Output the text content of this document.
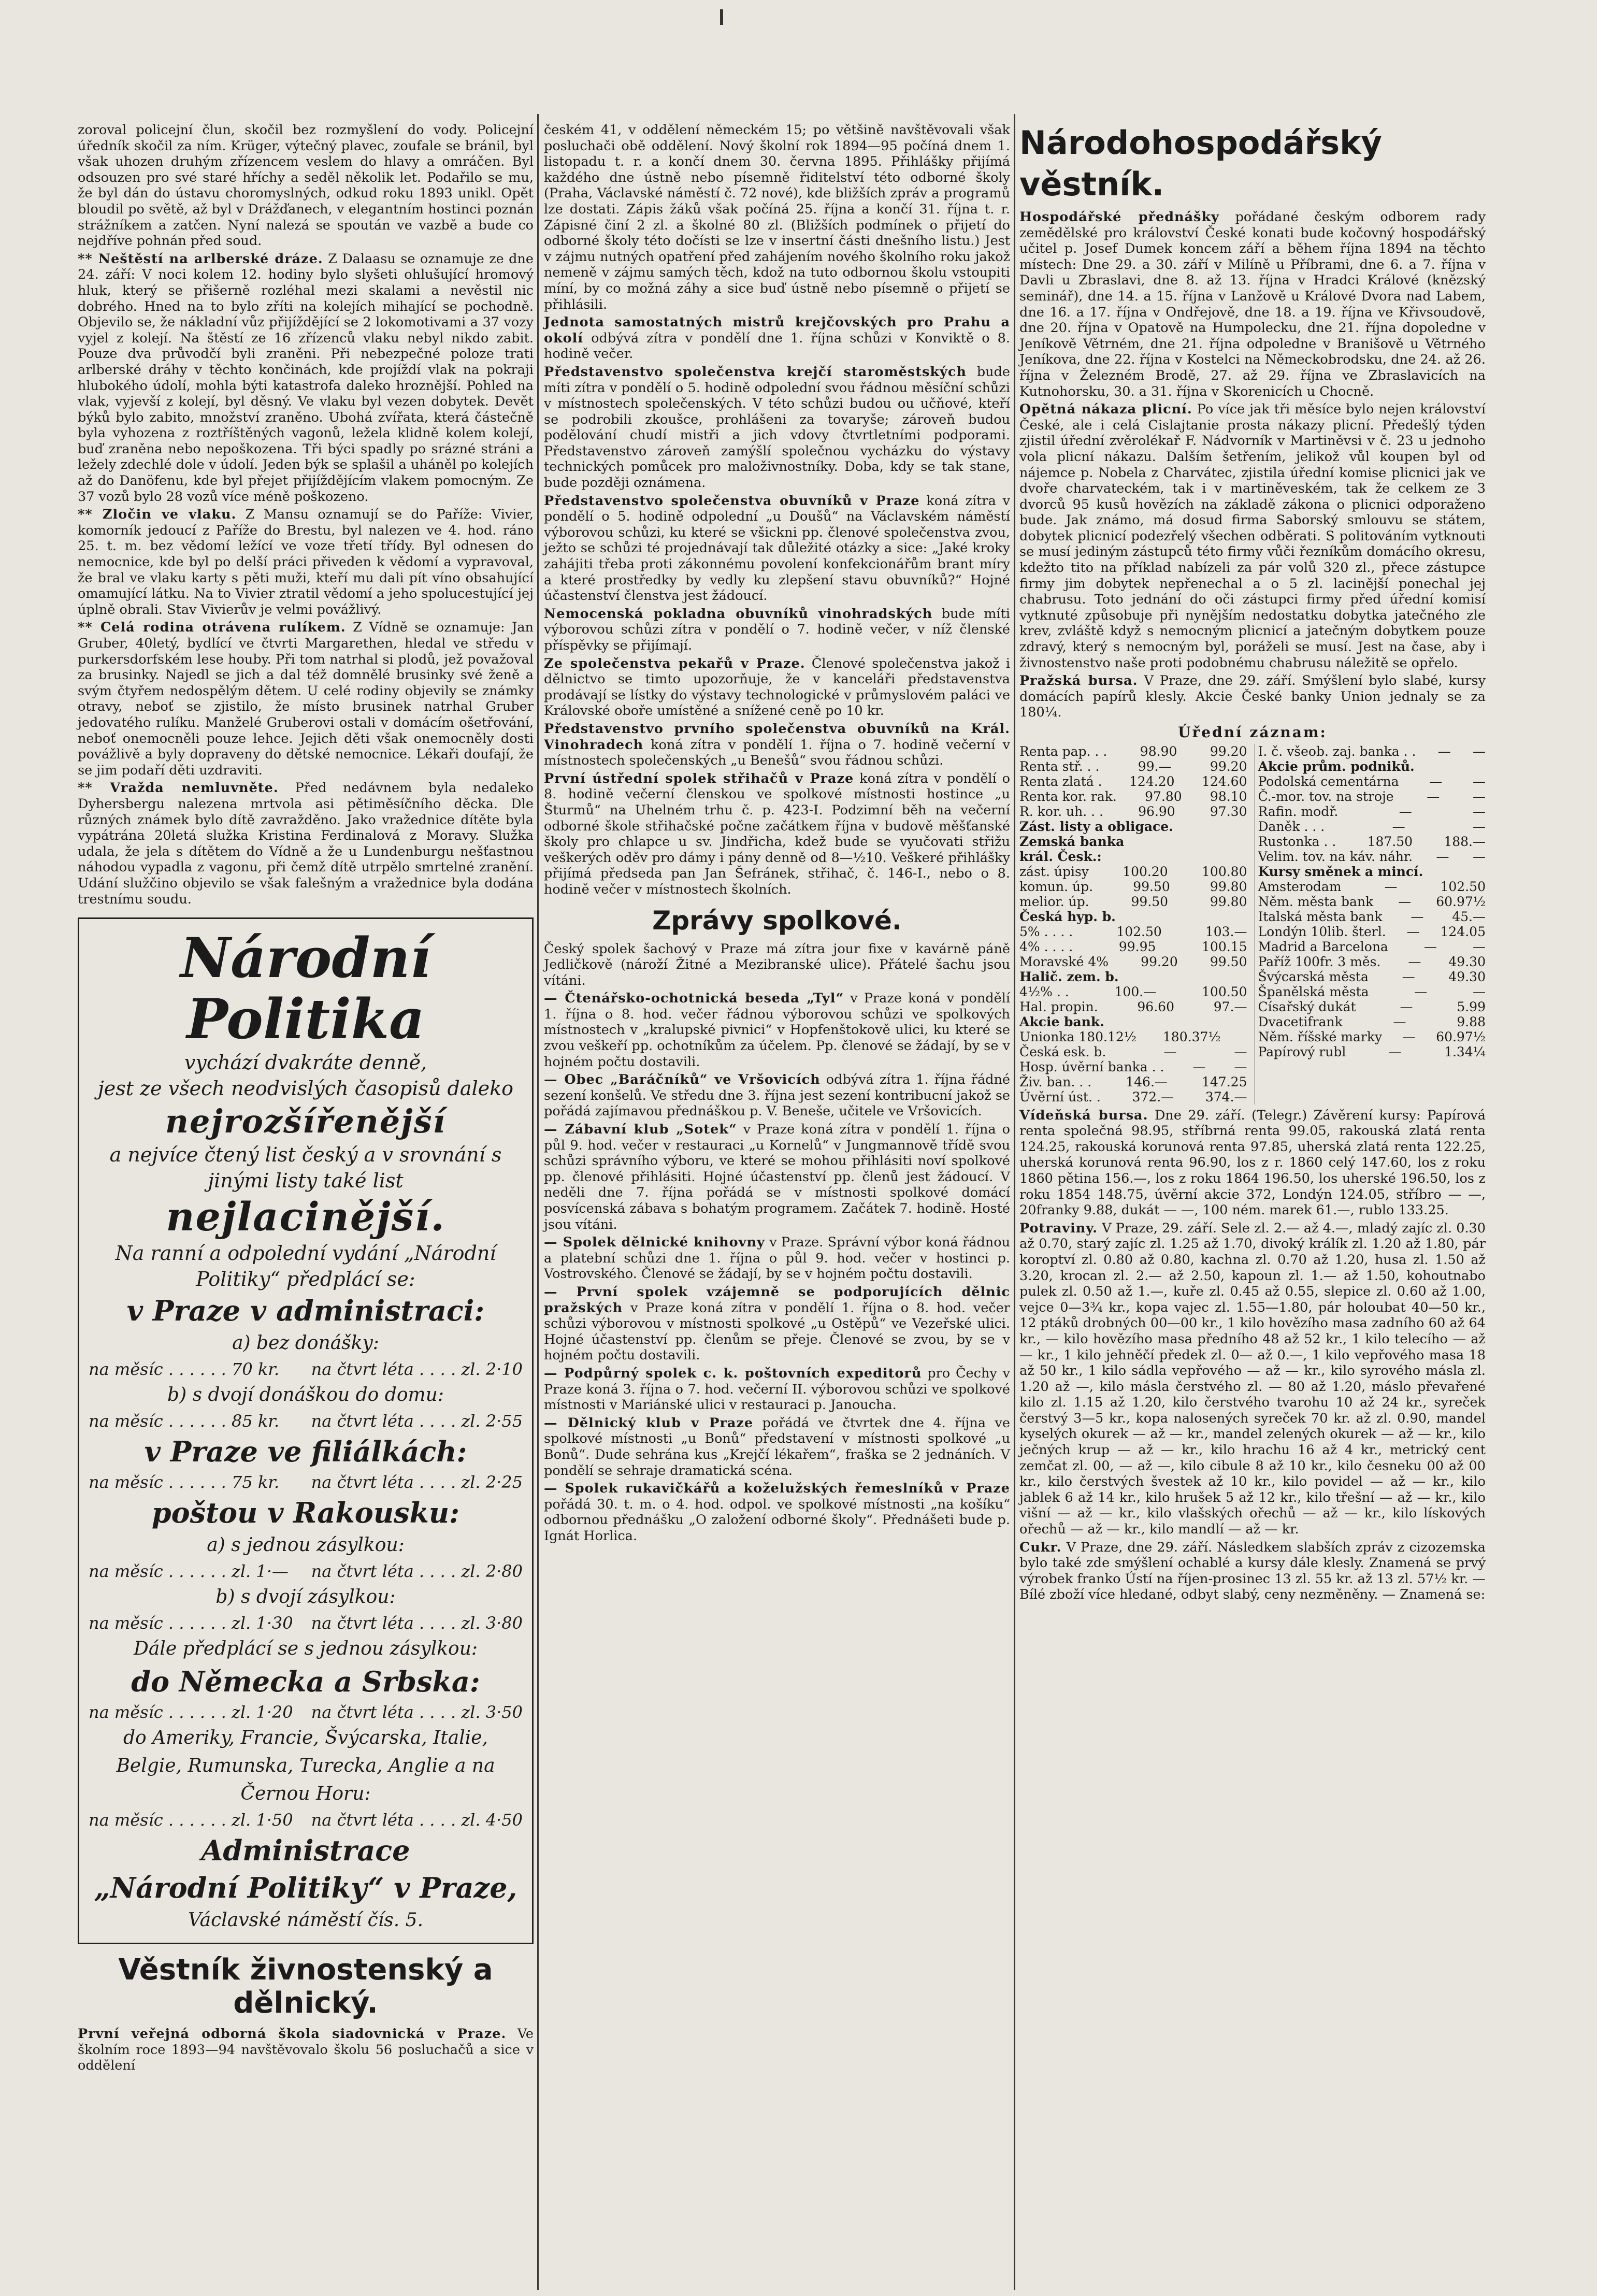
zoroval policejní člun, skočil bez rozmyšlení do vody. Policejní úředník skočil za ním. Krüger, výtečný plavec, zoufale se bránil, byl však uhozen druhým zřízencem veslem do hlavy a omráčen. Byl odsouzen pro své staré hříchy a seděl několik let. Podařilo se mu, že byl dán do ústavu choromyslných, odkud roku 1893 unikl. Opět bloudil po světě, až byl v Drážďanech, v elegantním hostinci poznán strážníkem a zatčen. Nyní nalezá se spoután ve vazbě a bude co nejdříve pohnán před soud.
** Neštěstí na arlberské dráze. Z Dalaasu se oznamuje ze dne 24. září: V noci kolem 12. hodiny bylo slyšeti ohlušující hromový hluk, který se přišerně rozléhal mezi skalami a nevěstil nic dobrého. Hned na to bylo zříti na kolejích mihající se pochodně. Objevilo se, že nákladní vůz přijíždějící se 2 lokomotivami a 37 vozy vyjel z kolejí. Na štěstí ze 16 zřízenců vlaku nebyl nikdo zabit. Pouze dva průvodčí byli zraněni. Při nebezpečné poloze trati arlberské dráhy v těchto končinách, kde projíždí vlak na pokraji hlubokého údolí, mohla býti katastrofa daleko hroznější. Pohled na vlak, vyjevší z kolejí, byl děsný. Ve vlaku byl vezen dobytek. Devět býků bylo zabito, množství zraněno. Ubohá zvířata, která částečně byla vyhozena z roztříštěných vagonů, ležela klidně kolem kolejí, buď zraněna nebo nepoškozena. Tři býci spadly po srázné stráni a ležely zdechlé dole v údolí. Jeden býk se splašil a uháněl po kolejích až do Danöfenu, kde byl přejet přijíždějícím vlakem pomocným. Ze 37 vozů bylo 28 vozů více méně poškozeno.
** Zločin ve vlaku. Z Mansu oznamují se do Paříže: Vivier, komorník jedoucí z Paříže do Brestu, byl nalezen ve 4. hod. ráno 25. t. m. bez vědomí ležící ve voze třetí třídy. Byl odnesen do nemocnice, kde byl po delší práci přiveden k vědomí a vypravoval, že bral ve vlaku karty s pěti muži, kteří mu dali pít víno obsahující omamující látku. Na to Vivier ztratil vědomí a jeho spolucestující jej úplně obrali. Stav Vivierův je velmi povážlivý.
** Celá rodina otrávena rulíkem. Z Vídně se oznamuje: Jan Gruber, 40letý, bydlící ve čtvrti Margarethen, hledal ve středu v purkersdorfském lese houby. Při tom natrhal si plodů, jež považoval za brusinky. Najedl se jich a dal též domnělé brusinky své ženě a svým čtyřem nedospělým dětem. U celé rodiny objevily se známky otravy, neboť se zjistilo, že místo brusinek natrhal Gruber jedovatého rulíku. Manželé Gruberovi ostali v domácím ošetřování, neboť onemocněli pouze lehce. Jejich děti však onemocněly dosti povážlivě a byly dopraveny do dětské nemocnice. Lékaři doufají, že se jim podaří děti uzdraviti.
** Vražda nemluvněte. Před nedávnem byla nedaleko Dyhersbergu nalezena mrtvola asi pětiměsíčního děcka. Dle různých známek bylo dítě zavražděno. Jako vražednice dítěte byla vypátrána 20letá služka Kristina Ferdinalová z Moravy. Služka udala, že jela s dítětem do Vídně a že u Lundenburgu nešťastnou náhodou vypadla z vagonu, při čemž dítě utrpělo smrtelné zranění. Udání služčino objevilo se však falešným a vražednice byla dodána trestnímu soudu.
Národní Politika
vychází dvakráte denně,
jest ze všech neodvislých časopisů daleko
nejrozšířenější
a nejvíce čtený list český a v srovnání s jinými listy také list
nejlacinější.
Na ranní a odpolední vydání „Národní Politiky“ předplácí se:
v Praze v administraci:
a) bez donášky:
na měsíc . . . . . . 70 kr. na čtvrt léta . . . . zl. 2·10
b) s dvojí donáškou do domu:
na měsíc . . . . . . 85 kr. na čtvrt léta . . . . zl. 2·55
v Praze ve filiálkách:
na měsíc . . . . . . 75 kr. na čtvrt léta . . . . zl. 2·25
poštou v Rakousku:
a) s jednou zásylkou:
na měsíc . . . . . . zl. 1·— na čtvrt léta . . . . zl. 2·80
b) s dvojí zásylkou:
na měsíc . . . . . . zl. 1·30 na čtvrt léta . . . . zl. 3·80
Dále předplácí se s jednou zásylkou:
do Německa a Srbska:
na měsíc . . . . . . zl. 1·20 na čtvrt léta . . . . zl. 3·50
do Ameriky, Francie, Švýcarska, Italie, Belgie, Rumunska, Turecka, Anglie a na Černou Horu:
na měsíc . . . . . . zl. 1·50 na čtvrt léta . . . . zl. 4·50
Administrace
„Národní Politiky“ v Praze,
Václavské náměstí čís. 5.
Věstník živnostenský a dělnický.
První veřejná odborná škola siadovnická v Praze. Ve školním roce 1893—94 navštěvovalo školu 56 posluchačů a sice v oddělení
českém 41, v oddělení německém 15; po většině navštěvovali však posluchači obě oddělení. Nový školní rok 1894—95 počíná dnem 1. listopadu t. r. a končí dnem 30. června 1895. Přihlášky přijímá každého dne ústně nebo písemně řiditelství této odborné školy (Praha, Václavské náměstí č. 72 nové), kde bližších zpráv a programů lze dostati. Zápis žáků však počíná 25. října a končí 31. října t. r. Zápisné činí 2 zl. a školné 80 zl. (Bližších podmínek o přijetí do odborné školy této dočísti se lze v insertní části dnešního listu.) Jest v zájmu nutných opatření před zahájením nového školního roku jakož nemeně v zájmu samých těch, kdož na tuto odbornou školu vstoupiti míní, by co možná záhy a sice buď ústně nebo písemně o přijetí se přihlásili.
Jednota samostatných mistrů krejčovských pro Prahu a okolí odbývá zítra v pondělí dne 1. října schůzi v Konviktě o 8. hodině večer.
Představenstvo společenstva krejčí staroměstských bude míti zítra v pondělí o 5. hodině odpolední svou řádnou měsíční schůzi v místnostech společenských. V této schůzi budou ou učňové, kteří se podrobili zkoušce, prohlášeni za tovaryše; zároveň budou podělování chudí mistři a jich vdovy čtvrtletními podporami. Představenstvo zároveň zamýšlí společnou vycházku do výstavy technických pomůcek pro maloživnostníky. Doba, kdy se tak stane, bude později oznámena.
Představenstvo společenstva obuvníků v Praze koná zítra v pondělí o 5. hodině odpolední „u Doušů“ na Václavském náměstí výborovou schůzi, ku které se všickni pp. členové společenstva zvou, ježto se schůzi té projednávají tak důležité otázky a sice: „Jaké kroky zahájiti třeba proti zákonnému povolení konfekcionářům brant míry a které prostředky by vedly ku zlepšení stavu obuvníků?“ Hojné účastenství členstva jest žádoucí.
Nemocenská pokladna obuvníků vinohradských bude míti výborovou schůzi zítra v pondělí o 7. hodině večer, v níž členské příspěvky se přijímají.
Ze společenstva pekařů v Praze. Členové společenstva jakož i dělnictvo se timto upozorňuje, že v kanceláři představenstva prodávají se lístky do výstavy technologické v průmyslovém paláci ve Královské oboře umístěné a snížené ceně po 10 kr.
Představenstvo prvního společenstva obuvníků na Král. Vinohradech koná zítra v pondělí 1. října o 7. hodině večerní v místnostech společenských „u Benešů“ svou řádnou schůzi.
První ústřední spolek střihačů v Praze koná zítra v pondělí o 8. hodině večerní členskou ve spolkové místnosti hostince „u Šturmů“ na Uhelném trhu č. p. 423-I. Podzimní běh na večerní odborné škole střihačské počne začátkem října v budově měšťanské školy pro chlapce u sv. Jindřicha, kdež bude se vyučovati střižu veškerých oděv pro dámy i pány denně od 8—½10. Veškeré přihlášky přijímá předseda pan Jan Šefránek, střihač, č. 146-I., nebo o 8. hodině večer v místnostech školních.
Zprávy spolkové.
Český spolek šachový v Praze má zítra jour fixe v kavárně páně Jedličkově (nároží Žitné a Mezibranské ulice). Přátelé šachu jsou vítáni.
— Čtenářsko-ochotnická beseda „Tyl“ v Praze koná v pondělí 1. října o 8. hod. večer řádnou výborovou schůzi ve spolkových místnostech v „kralupské pivnici“ v Hopfenštokově ulici, ku které se zvou veškeří pp. ochotníkům za účelem. Pp. členové se žádají, by se v hojném počtu dostavili.
— Obec „Baráčníků“ ve Vršovicích odbývá zítra 1. října řádné sezení konšelů. Ve středu dne 3. října jest sezení kontribucní jakož se pořádá zajímavou přednáškou p. V. Beneše, učitele ve Vršovicích.
— Zábavní klub „Sotek“ v Praze koná zítra v pondělí 1. října o půl 9. hod. večer v restauraci „u Kornelů“ v Jungmannově třídě svou schůzi správního výboru, ve které se mohou přihlásiti noví spolkové pp. členové přihlásiti. Hojné účastenství pp. členů jest žádoucí. V neděli dne 7. října pořádá se v místnosti spolkové domácí posvícenská zábava s bohatým programem. Začátek 7. hodině. Hosté jsou vítáni.
— Spolek dělnické knihovny v Praze. Správní výbor koná řádnou a platební schůzi dne 1. října o půl 9. hod. večer v hostinci p. Vostrovského. Členové se žádají, by se v hojném počtu dostavili.
— První spolek vzájemně se podporujících dělnic pražských v Praze koná zítra v pondělí 1. října o 8. hod. večer schůzi výborovou v místnosti spolkové „u Ostěpů“ ve Vezeřské ulici. Hojné účastenství pp. členům se přeje. Členové se zvou, by se v hojném počtu dostavili.
— Podpůrný spolek c. k. poštovních expeditorů pro Čechy v Praze koná 3. října o 7. hod. večerní II. výborovou schůzi ve spolkové místnosti v Mariánské ulici v restauraci p. Janoucha.
— Dělnický klub v Praze pořádá ve čtvrtek dne 4. října ve spolkové místnosti „u Bonů“ představení v místnosti spolkové „u Bonů“. Dude sehrána kus „Krejčí lékařem“, fraška se 2 jednáních. V pondělí se sehraje dramatická scéna.
— Spolek rukavičkářů a koželužských řemeslníků v Praze pořádá 30. t. m. o 4. hod. odpol. ve spolkové místnosti „na košíku“ odbornou přednášku „O založení odborné školy“. Přednášeti bude p. Ignát Horlica.
Národohospodářský věstník.
Hospodářské přednášky pořádané českým odborem rady zemědělské pro království České konati bude kočovný hospodářský učitel p. Josef Dumek koncem září a během října 1894 na těchto místech: Dne 29. a 30. září v Milíně u Příbrami, dne 6. a 7. října v Davli u Zbraslavi, dne 8. až 13. října v Hradci Králové (knězský seminář), dne 14. a 15. října v Lanžově u Králové Dvora nad Labem, dne 16. a 17. října v Ondřejově, dne 18. a 19. října ve Křivsoudově, dne 20. října v Opatově na Humpolecku, dne 21. října dopoledne v Jeníkově Větrném, dne 21. října odpoledne v Branišově u Větrného Jeníkova, dne 22. října v Kostelci na Německobrodsku, dne 24. až 26. října v Železném Brodě, 27. až 29. října ve Zbraslavicích na Kutnohorsku, 30. a 31. října v Skorenicích u Chocně.
Opětná nákaza plicní. Po více jak tři měsíce bylo nejen království České, ale i celá Cislajtanie prosta nákazy plicní. Předešlý týden zjistil úřední zvěrolékař F. Nádvorník v Martiněvsi v č. 23 u jednoho vola plicní nákazu. Dalším šetřením, jelikož vůl koupen byl od nájemce p. Nobela z Charvátec, zjistila úřední komise plicnici jak ve dvoře charvateckém, tak i v martiněveském, tak že celkem ze 3 dvorců 95 kusů hovězích na základě zákona o plicnici odporaženo bude. Jak známo, má dosud firma Saborský smlouvu se státem, dobytek plicnicí podezřelý všechen odběrati. S politováním vytknouti se musí jediným zástupců této firmy vůči řezníkům domácího okresu, kdežto tito na příklad nabízeli za pár volů 320 zl., přece zástupce firmy jim dobytek nepřenechal a o 5 zl. lacinější ponechal jej chabrusu. Toto jednání do oči zástupci firmy před úřední komisí vytknuté způsobuje při nynějším nedostatku dobytka jatečného zle krev, zvláště když s nemocným plicnicí a jatečným dobytkem pouze zdravý, který s nemocným byl, poráželi se musí. Jest na čase, aby i živnostenstvo naše proti podobnému chabrusu náležitě se opřelo.
Pražská bursa. V Praze, dne 29. září. Smýšlení bylo slabé, kursy domácích papírů klesly. Akcie České banky Union jednaly se za 180¼.
Úřední záznam:
Renta pap. . .	98.90	99.20
Renta stř. . .	99.—	99.20
Renta zlatá . 124.20 124.60
Renta kor. rak. 97.80 98.10
R. kor. uh. . .	96.90	97.30
Zást. listy a obligace.
Zemská banka
král. Česk.:
zást. úpisy	100.20	100.80
komun. úp.	99.50	99.80
melior. úp.	99.50	99.80
Česká hyp. b.
5% . . . .	102.50	103.—
4% . . . .	99.95	100.15
Moravské 4% 99.20 99.50
Halič. zem. b.
4½% . .	100.—	100.50
Hal. propin.	96.60	97.—
Akcie bank.
Unionka 180.12½ 180.37½
Česká esk. b.	—	—
Hosp. úvěrní banka . . — —
Živ. ban. . .	146.—	147.25
Úvěrní úst. . 372.— 374.—
I. č. všeob. zaj. banka . . — —
Akcie prům. podniků.
Podolská cementárna — —
Č.-mor. tov. na stroje	—	—
Rafin. modř.	—	—
Daněk . . .	—	—
Rustonka . . 187.50 188.—
Velim. tov. na káv. náhr. — —
Kursy směnek a mincí.
Amsterodam	—	102.50
Něm. města bank — 60.97½
Italská města bank — 45.—
Londýn 10lib. šterl. — 124.05
Madrid a Barcelona	—	—
Paříž 100fr. 3 měs. — 49.30
Švýcarská města	—	49.30
Španělská města	—	—
Císařský dukát	—	5.99
Dvacetifrank	—	9.88
Něm. říšské marky — 60.97½
Papírový rubl	—	1.34¼
Vídeňská bursa. Dne 29. září. (Telegr.) Závěrení kursy: Papírová renta společná 98.95, stříbrná renta 99.05, rakouská zlatá renta 124.25, rakouská korunová renta 97.85, uherská zlatá renta 122.25, uherská korunová renta 96.90, los z r. 1860 celý 147.60, los z roku 1860 pětina 156.—, los z roku 1864 196.50, los uherské 196.50, los z roku 1854 148.75, úvěrní akcie 372, Londýn 124.05, stříbro — —, 20franky 9.88, dukát — —, 100 ném. marek 61.—, rublo 133.25.
Potraviny. V Praze, 29. září. Sele zl. 2.— až 4.—, mladý zajíc zl. 0.30 až 0.70, starý zajíc zl. 1.25 až 1.70, divoký králík zl. 1.20 až 1.80, pár koroptví zl. 0.80 až 0.80, kachna zl. 0.70 až 1.20, husa zl. 1.50 až 3.20, krocan zl. 2.— až 2.50, kapoun zl. 1.— až 1.50, kohoutnabo pulek zl. 0.50 až 1.—, kuře zl. 0.45 až 0.55, slepice zl. 0.60 až 1.00, vejce 0—3¾ kr., kopa vajec zl. 1.55—1.80, pár holoubat 40—50 kr., 12 ptáků drobných 00—00 kr., 1 kilo hovězího masa zadního 60 až 64 kr., — kilo hovězího masa předního 48 až 52 kr., 1 kilo telecího — až — kr., 1 kilo jehněčí předek zl. 0— až 0.—, 1 kilo vepřového masa 18 až 50 kr., 1 kilo sádla vepřového — až — kr., kilo syrového másla zl. 1.20 až —, kilo másla čerstvého zl. — 80 až 1.20, máslo převařené kilo zl. 1.15 až 1.20, kilo čerstvého tvarohu 10 až 24 kr., syreček čerstvý 3—5 kr., kopa nalosených syreček 70 kr. až zl. 0.90, mandel kyselých okurek — až — kr., mandel zelených okurek — až — kr., kilo ječných krup — až — kr., kilo hrachu 16 až 4 kr., metrický cent zemčat zl. 00, — až —, kilo cibule 8 až 10 kr., kilo česneku 00 až 00 kr., kilo čerstvých švestek až 10 kr., kilo povidel — až — kr., kilo jablek 6 až 14 kr., kilo hrušek 5 až 12 kr., kilo třešní — až — kr., kilo višní — až — kr., kilo vlašských ořechů — až — kr., kilo lískových ořechů — až — kr., kilo mandlí — až — kr.
Cukr. V Praze, dne 29. září. Následkem slabších zpráv z cizozemska bylo také zde smýšlení ochablé a kursy dále klesly. Znamená se prvý výrobek franko Ústí na říjen-prosinec 13 zl. 55 kr. až 13 zl. 57½ kr. — Bílé zboží více hledané, odbyt slabý, ceny nezměněny. — Znamená se:
